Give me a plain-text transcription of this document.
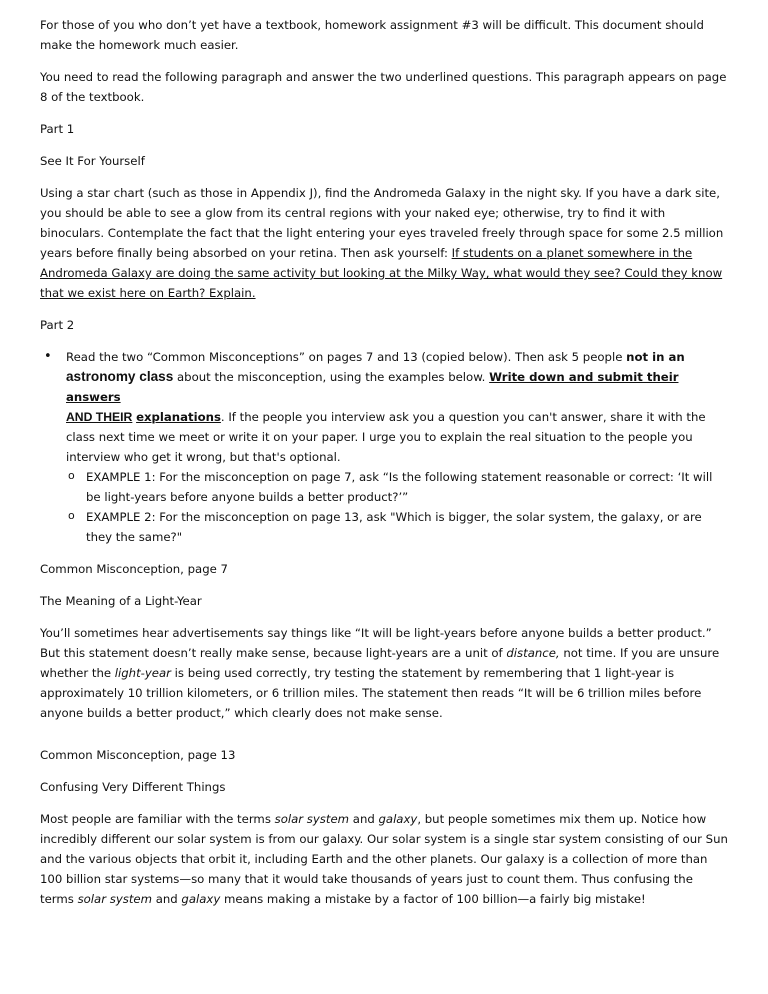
For those of you who don’t yet have a textbook, homework assignment #3 will be difficult. This document should make the homework much easier.

You need to read the following paragraph and answer the two underlined questions. This paragraph appears on page 8 of the textbook.

Part 1

See It For Yourself

Using a star chart (such as those in Appendix J), find the Andromeda Galaxy in the night sky. If you have a dark site, you should be able to see a glow from its central regions with your naked eye; otherwise, try to find it with binoculars. Contemplate the fact that the light entering your eyes traveled freely through space for some 2.5 million years before finally being absorbed on your retina. Then ask yourself: If students on a planet somewhere in the Andromeda Galaxy are doing the same activity but looking at the Milky Way, what would they see? Could they know that we exist here on Earth? Explain.

Part 2

• Read the two “Common Misconceptions” on pages 7 and 13 (copied below). Then ask 5 people not in an
astronomy class about the misconception, using the examples below. Write down and submit their answers
AND THEIR explanations. If the people you interview ask you a question you can't answer, share it with the class next time we meet or write it on your paper. I urge you to explain the real situation to the people you interview who get it wrong, but that's optional.
o EXAMPLE 1: For the misconception on page 7, ask “Is the following statement reasonable or correct: ‘It will be light-years before anyone builds a better product?’”
o EXAMPLE 2: For the misconception on page 13, ask "Which is bigger, the solar system, the galaxy, or are they the same?"

Common Misconception, page 7

The Meaning of a Light-Year

You’ll sometimes hear advertisements say things like “It will be light-years before anyone builds a better product.” But this statement doesn’t really make sense, because light-years are a unit of distance, not time. If you are unsure whether the light-year is being used correctly, try testing the statement by remembering that 1 light-year is approximately 10 trillion kilometers, or 6 trillion miles. The statement then reads “It will be 6 trillion miles before anyone builds a better product,” which clearly does not make sense.

Common Misconception, page 13

Confusing Very Different Things

Most people are familiar with the terms solar system and galaxy, but people sometimes mix them up. Notice how incredibly different our solar system is from our galaxy. Our solar system is a single star system consisting of our Sun and the various objects that orbit it, including Earth and the other planets. Our galaxy is a collection of more than 100 billion star systems—so many that it would take thousands of years just to count them. Thus confusing the terms solar system and galaxy means making a mistake by a factor of 100 billion—a fairly big mistake!
